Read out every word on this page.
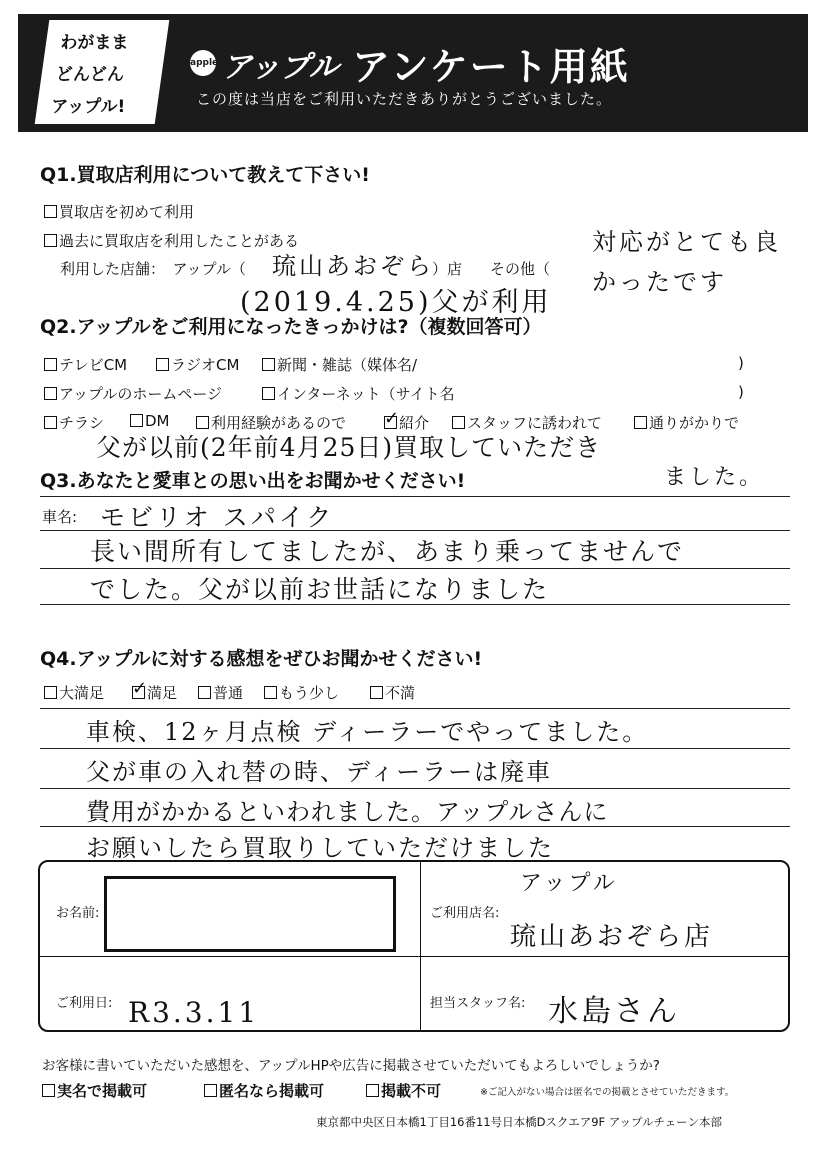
わがまま
どんどん
アップル!
apple アップル アンケート用紙
この度は当店をご利用いただきありがとうございました。
Q1.買取店利用について教えて下さい!
買取店を初めて利用
過去に買取店を利用したことがある
利用した店舗：　アップル（ 琉山あおぞら
）店 その他（
対応がとても良かったです
(2019.4.25)父が利用
Q2.アップルをご利用になったきっかけは?（複数回答可）
テレビCM	ラジオCM	新聞・雑誌（媒体名/	)
アップルのホームページ	インターネット（サイト名	)
チラシ	DM	利用経験があるので ✓ 紹介	スタッフに誘われて	通りがかりで
父が以前(2年前4月25日)買取していただき
ました。
Q3.あなたと愛車との思い出をお聞かせください!
車名: モビリオ スパイク
長い間所有してましたが、あまり乗ってませんで
でした。父が以前お世話になりました
Q4.アップルに対する感想をぜひお聞かせください!
大満足 ✓ 満足	普通	もう少し	不満
車検、12ヶ月点検 ディーラーでやってました。
父が車の入れ替の時、ディーラーは廃車
費用がかかるといわれました。アップルさんに
お願いしたら買取りしていただけました
お名前:	ご利用店名:
アップル
琉山あおぞら店
ご利用日: R3.3.11	担当スタッフ名: 水島さん
お客様に書いていただいた感想を、アップルHPや広告に掲載させていただいてもよろしいでしょうか?
実名で掲載可	匿名なら掲載可	掲載不可	※ご記入がない場合は匿名での掲載とさせていただきます。
東京都中央区日本橋1丁目16番11号日本橋Dスクエア9F アップルチェーン本部
